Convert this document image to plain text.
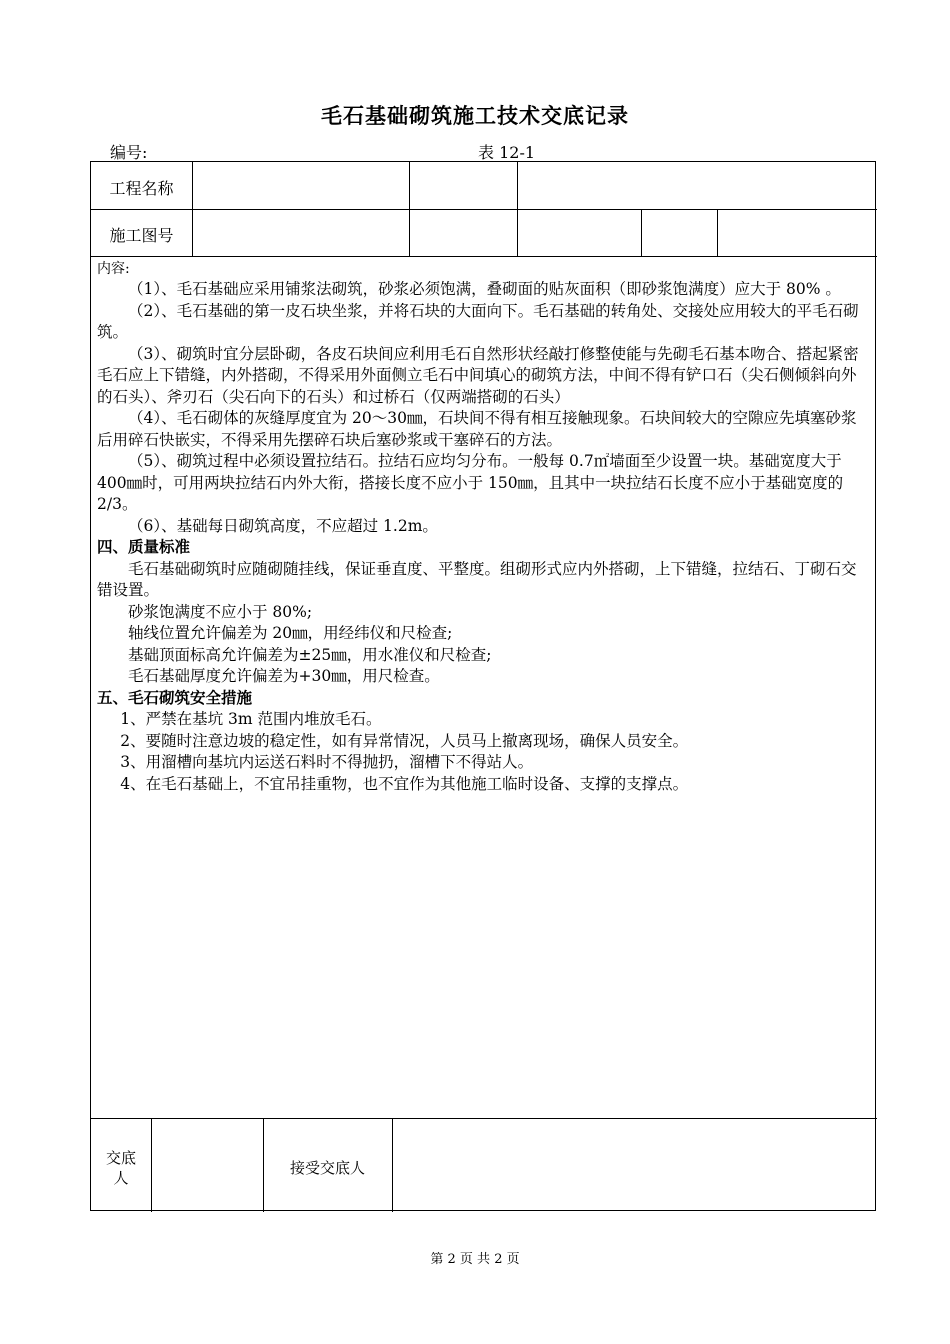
毛石基础砌筑施工技术交底记录
编号:	表 12-1
工程名称
施工图号

内容:

（1）、毛石基础应采用铺浆法砌筑，砂浆必须饱满，叠砌面的贴灰面积（即砂浆饱满度）应大于 80% 。

（2）、毛石基础的第一皮石块坐浆，并将石块的大面向下。毛石基础的转角处、交接处应用较大的平毛石砌筑。

（3）、砌筑时宜分层卧砌，各皮石块间应利用毛石自然形状经敲打修整使能与先砌毛石基本吻合、搭起紧密毛石应上下错缝，内外搭砌，不得采用外面侧立毛石中间填心的砌筑方法，中间不得有铲口石（尖石侧倾斜向外的石头）、斧刃石（尖石向下的石头）和过桥石（仅两端搭砌的石头）

（4）、毛石砌体的灰缝厚度宜为 20～30㎜，石块间不得有相互接触现象。石块间较大的空隙应先填塞砂浆后用碎石快嵌实，不得采用先摆碎石块后塞砂浆或干塞碎石的方法。

（5）、砌筑过程中必须设置拉结石。拉结石应均匀分布。一般每 0.7㎡墙面至少设置一块。基础宽度大于 400㎜时，可用两块拉结石内外大衔，搭接长度不应小于 150㎜，且其中一块拉结石长度不应小于基础宽度的 2/3。

（6）、基础每日砌筑高度，不应超过 1.2m。

四、质量标准

毛石基础砌筑时应随砌随挂线，保证垂直度、平整度。组砌形式应内外搭砌，上下错缝，拉结石、丁砌石交错设置。

砂浆饱满度不应小于 80%;

轴线位置允许偏差为 20㎜，用经纬仪和尺检查;

基础顶面标高允许偏差为±25㎜，用水准仪和尺检查;

毛石基础厚度允许偏差为+30㎜，用尺检查。

五、毛石砌筑安全措施

1、严禁在基坑 3m 范围内堆放毛石。

2、要随时注意边坡的稳定性，如有异常情况，人员马上撤离现场，确保人员安全。

3、用溜槽向基坑内运送石料时不得抛扔，溜槽下不得站人。

4、在毛石基础上，不宜吊挂重物，也不宜作为其他施工临时设备、支撑的支撑点。

交底
人
接受交底人
第 2 页 共 2 页
